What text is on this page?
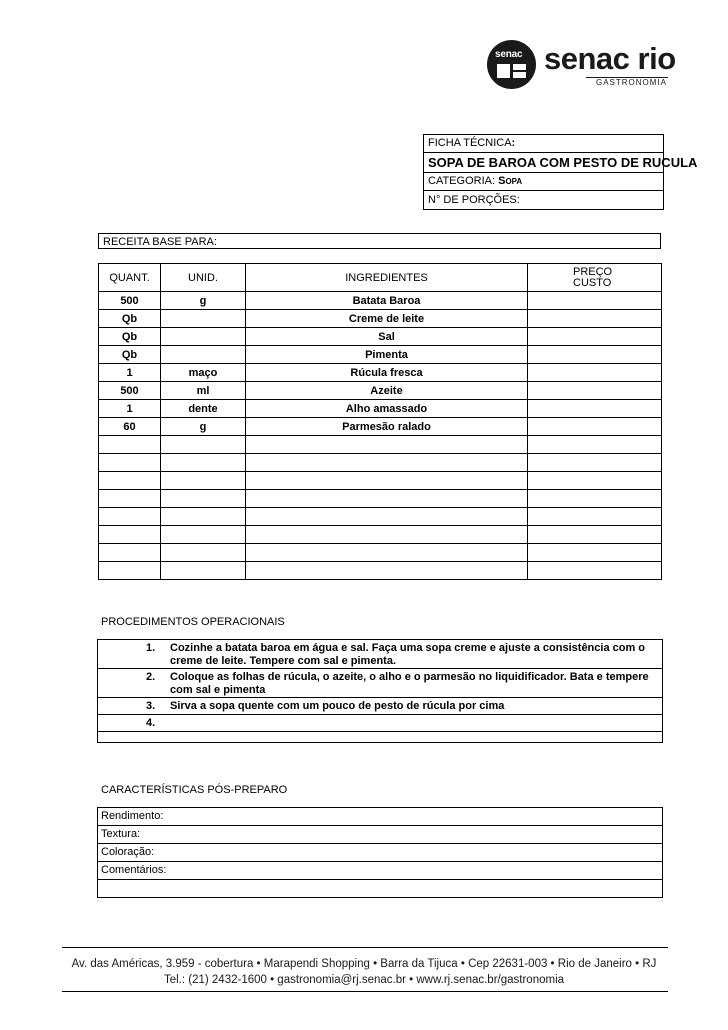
senac senac rio
GASTRONOMIA
FICHA TÉCNICA:
SOPA DE BAROA COM PESTO DE RUCULA
CATEGORIA: SOPA
N° DE PORÇÕES:
RECEITA BASE PARA:
QUANT.	UNID.	INGREDIENTES	PREÇO
CUSTO
500	g	Batata Baroa	
Qb		Creme de leite	
Qb		Sal	
Qb		Pimenta	
1	maço	Rúcula fresca	
500	ml	Azeite	
1	dente	Alho amassado	
60	g	Parmesão ralado	

PROCEDIMENTOS OPERACIONAIS
1. Cozinhe a batata baroa em água e sal. Faça uma sopa creme e ajuste a consistência com o creme de leite. Tempere com sal e pimenta.
2. Coloque as folhas de rúcula, o azeite, o alho e o parmesão no liquidificador. Bata e tempere com sal e pimenta
3. Sirva a sopa quente com um pouco de pesto de rúcula por cima
4.
CARACTERÍSTICAS PÓS-PREPARO
Rendimento:
Textura:
Coloração:
Comentários:
Av. das Américas, 3.959 - cobertura • Marapendi Shopping • Barra da Tijuca • Cep 22631-003 • Rio de Janeiro • RJ
Tel.: (21) 2432-1600 • gastronomia@rj.senac.br • www.rj.senac.br/gastronomia
